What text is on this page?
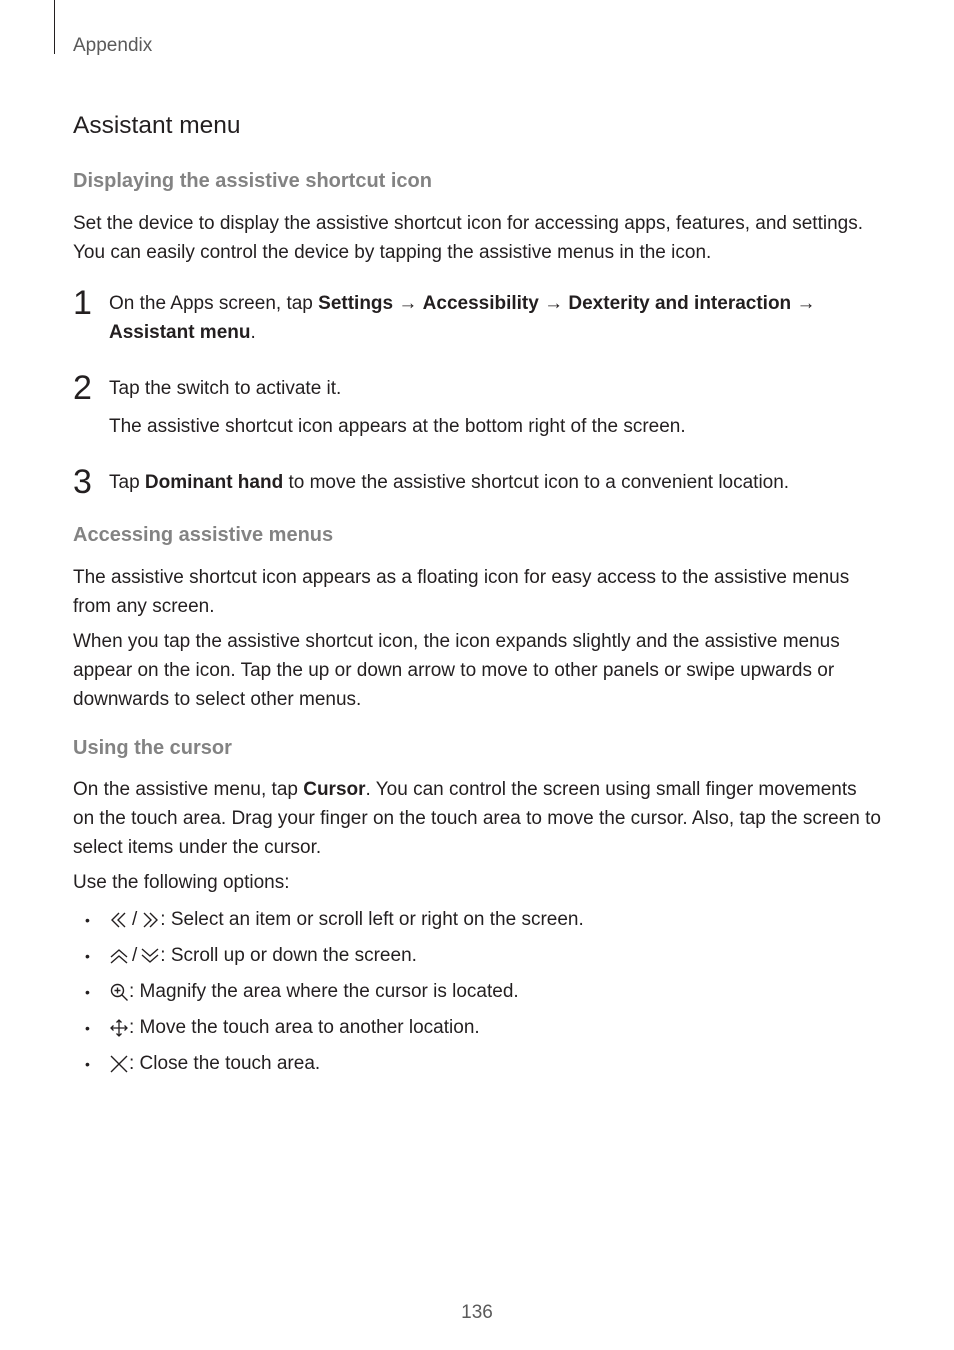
Appendix
Assistant menu

Displaying the assistive shortcut icon

Set the device to display the assistive shortcut icon for accessing apps, features, and settings. You can easily control the device by tapping the assistive menus in the icon.

1 On the Apps screen, tap Settings → Accessibility → Dexterity and interaction →
Assistant menu.

2 Tap the switch to activate it.

The assistive shortcut icon appears at the bottom right of the screen.

3 Tap Dominant hand to move the assistive shortcut icon to a convenient location.

Accessing assistive menus

The assistive shortcut icon appears as a floating icon for easy access to the assistive menus from any screen.

When you tap the assistive shortcut icon, the icon expands slightly and the assistive menus appear on the icon. Tap the up or down arrow to move to other panels or swipe upwards or downwards to select other menus.

Using the cursor

On the assistive menu, tap Cursor. You can control the screen using small finger movements on the touch area. Drag your finger on the touch area to move the cursor. Also, tap the screen to select items under the cursor.

Use the following options:

•	/ : Select an item or scroll left or right on the screen.
•	/ : Scroll up or down the screen.
•	: Magnify the area where the cursor is located.
•	: Move the touch area to another location.
•	: Close the touch area.
136
